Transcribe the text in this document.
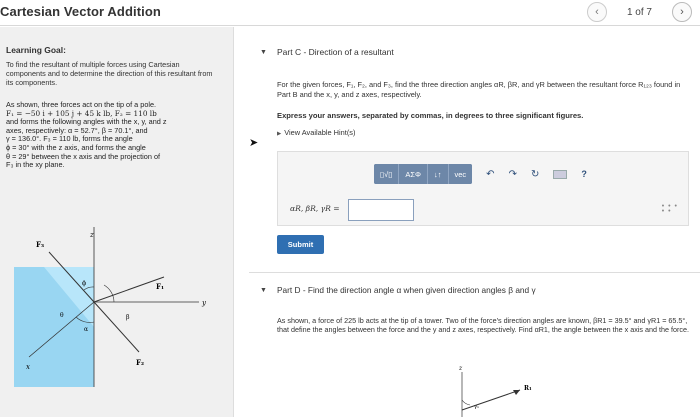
Cartesian Vector Addition	‹	1 of 7	›
Learning Goal:
To find the resultant of multiple forces using Cartesian components and to determine the direction of this resultant from its components.
As shown, three forces act on the tip of a pole.
F₁ = −50 i + 105 j + 45 k lb, F₂ = 110 lb
and forms the following angles with the x, y, and z
axes, respectively: α = 52.7°, β = 70.1°, and
γ = 136.0°. F₃ = 110 lb, forms the angle
ϕ = 30° with the z axis, and forms the angle
θ = 29° between the x axis and the projection of
F₃ in the xy plane.
F₃
z
F₁
y
β
ϕ
θ
α
x	F₂
▼ Part C - Direction of a resultant
For the given forces, F₁, F₂, and F₃, find the three direction angles αR, βR, and γR between the resultant force R₁₂₃ found in Part B and the x, y, and z axes, respectively.
Express your answers, separated by commas, in degrees to three significant figures.
▶ View Available Hint(s)
➤
▯√▯	ΑΣΦ	↓↑	vec	↶ ↷ ↻	?
αR, βR, γR =	• • •
• •
Submit
▼ Part D - Find the direction angle α when given direction angles β and γ
As shown, a force of 225 lb acts at the tip of a tower. Two of the force's direction angles are known, βR1 = 39.5° and γR1 = 65.5°, that define the angles between the force and the y and z axes, respectively. Find αR1, the angle between the x axis and the force.
z
R₁
γ₁
